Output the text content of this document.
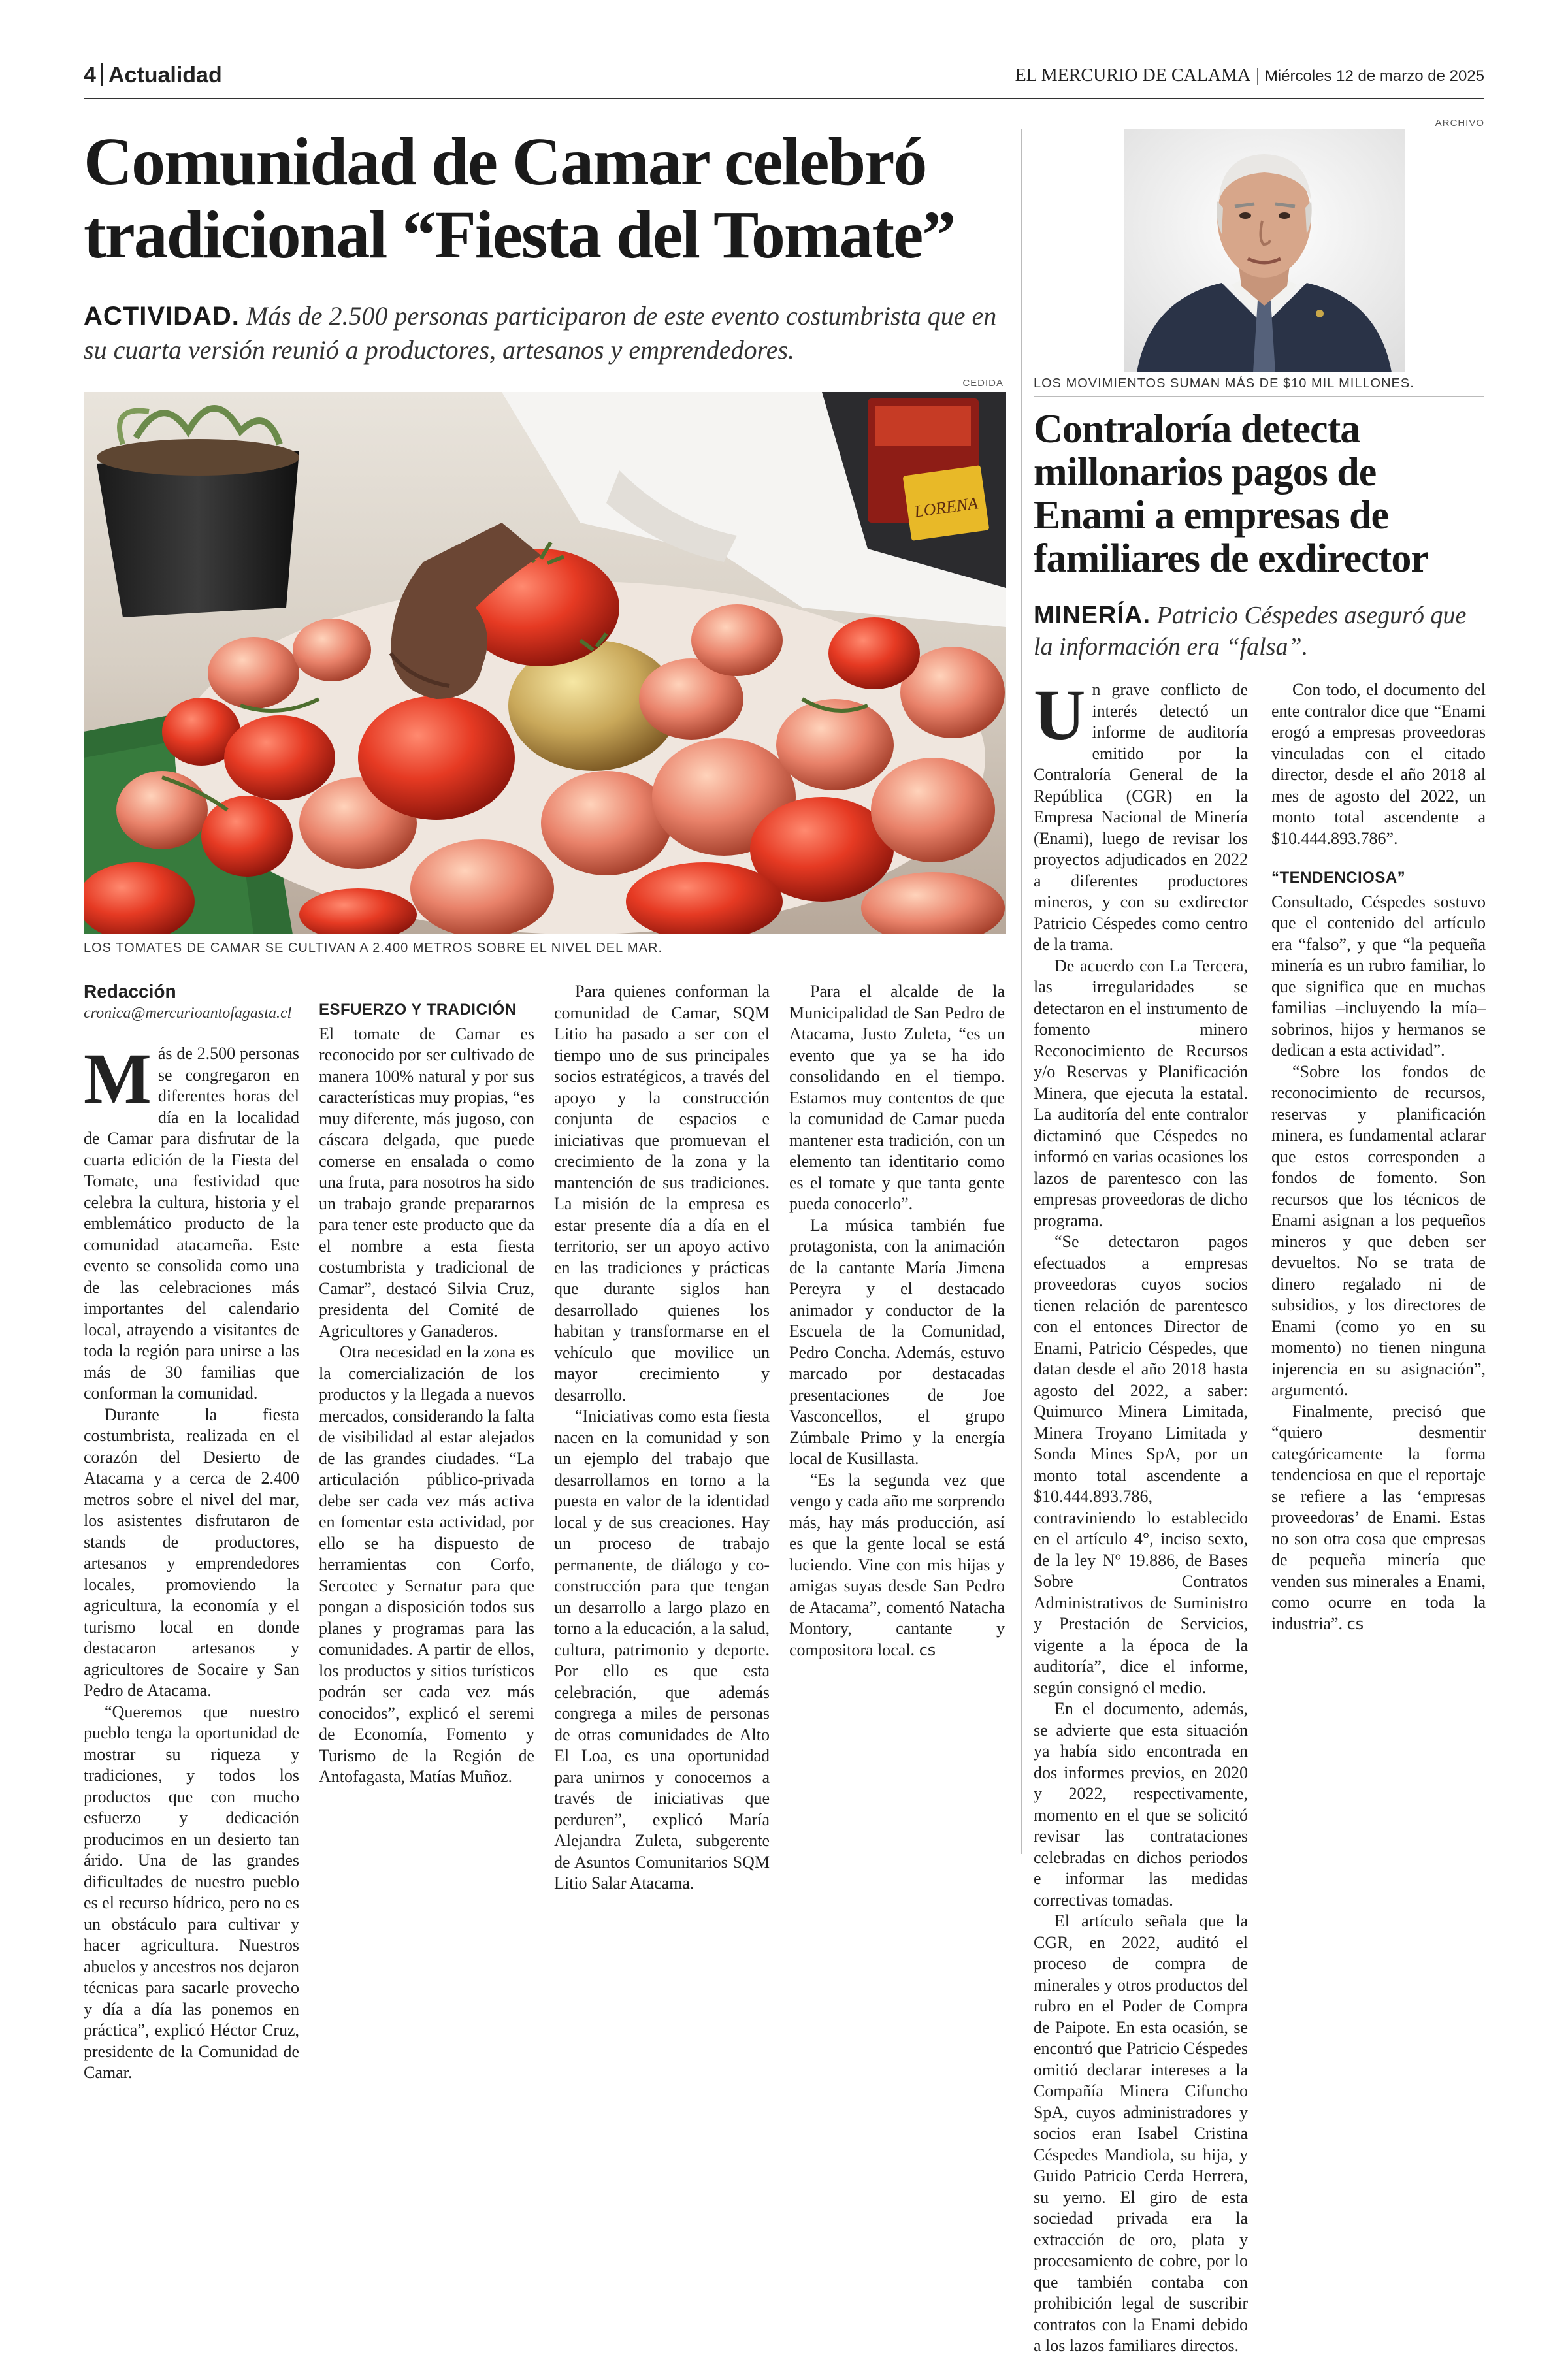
4 Actualidad	EL MERCURIO DE CALAMA | Miércoles 12 de marzo de 2025
Comunidad de Camar celebró tradicional “Fiesta del Tomate”
ACTIVIDAD. Más de 2.500 personas participaron de este evento costumbrista que en su cuarta versión reunió a productores, artesanos y emprendedores.
CEDIDA
LORENA
LOS TOMATES DE CAMAR SE CULTIVAN A 2.400 METROS SOBRE EL NIVEL DEL MAR.
Redacción
cronica@mercurioantofagasta.cl

Más de 2.500 personas se congregaron en diferentes horas del día en la localidad de Camar para disfrutar de la cuarta edición de la Fiesta del Tomate, una festividad que celebra la cultura, historia y el emblemático producto de la comunidad atacameña. Este evento se consolida como una de las celebraciones más importantes del calendario local, atrayendo a visitantes de toda la región para unirse a las más de 30 familias que conforman la comunidad.

Durante la fiesta costumbrista, realizada en el corazón del Desierto de Atacama y a cerca de 2.400 metros sobre el nivel del mar, los asistentes disfrutaron de stands de productores, artesanos y emprendedores locales, promoviendo la agricultura, la economía y el turismo local en donde destacaron artesanos y agricultores de Socaire y San Pedro de Atacama.

“Queremos que nuestro pueblo tenga la oportunidad de mostrar su riqueza y tradiciones, y todos los productos que con mucho esfuerzo y dedicación producimos en un desierto tan árido. Una de las grandes dificultades de nuestro pueblo es el recurso hídrico, pero no es un obstáculo para cultivar y hacer agricultura. Nuestros abuelos y ancestros nos dejaron técnicas para sacarle provecho y día a día las ponemos en práctica”, explicó Héctor Cruz, presidente de la Comunidad de Camar.

ESFUERZO Y TRADICIÓN

El tomate de Camar es reconocido por ser cultivado de manera 100% natural y por sus características muy propias, “es muy diferente, más jugoso, con cáscara delgada, que puede comerse en ensalada o como una fruta, para nosotros ha sido un trabajo grande prepararnos para tener este producto que da el nombre a esta fiesta costumbrista y tradicional de Camar”, destacó Silvia Cruz, presidenta del Comité de Agricultores y Ganaderos.

Otra necesidad en la zona es la comercialización de los productos y la llegada a nuevos mercados, considerando la falta de visibilidad al estar alejados de las grandes ciudades. “La articulación público-privada debe ser cada vez más activa en fomentar esta actividad, por ello se ha dispuesto de herramientas con Corfo, Sercotec y Sernatur para que pongan a disposición todos sus planes y programas para las comunidades. A partir de ellos, los productos y sitios turísticos podrán ser cada vez más conocidos”, explicó el seremi de Economía, Fomento y Turismo de la Región de Antofagasta, Matías Muñoz.

Para quienes conforman la comunidad de Camar, SQM Litio ha pasado a ser con el tiempo uno de sus principales socios estratégicos, a través del apoyo y la construcción conjunta de espacios e iniciativas que promuevan el crecimiento de la zona y la mantención de sus tradiciones. La misión de la empresa es estar presente día a día en el territorio, ser un apoyo activo en las tradiciones y prácticas que durante siglos han desarrollado quienes los habitan y transformarse en el vehículo que movilice un mayor crecimiento y desarrollo.

“Iniciativas como esta fiesta nacen en la comunidad y son un ejemplo del trabajo que desarrollamos en torno a la puesta en valor de la identidad local y de sus creaciones. Hay un proceso de trabajo permanente, de diálogo y co-construcción para que tengan un desarrollo a largo plazo en torno a la educación, a la salud, cultura, patrimonio y deporte. Por ello es que esta celebración, que además congrega a miles de personas de otras comunidades de Alto El Loa, es una oportunidad para unirnos y conocernos a través de iniciativas que perduren”, explicó María Alejandra Zuleta, subgerente de Asuntos Comunitarios SQM Litio Salar Atacama.

Para el alcalde de la Municipalidad de San Pedro de Atacama, Justo Zuleta, “es un evento que ya se ha ido consolidando en el tiempo. Estamos muy contentos de que la comunidad de Camar pueda mantener esta tradición, con un elemento tan identitario como es el tomate y que tanta gente pueda conocerlo”.

La música también fue protagonista, con la animación de la cantante María Jimena Pereyra y el destacado animador y conductor de la Escuela de la Comunidad, Pedro Concha. Además, estuvo marcado por destacadas presentaciones de Joe Vasconcellos, el grupo Zúmbale Primo y la energía local de Kusillasta.

“Es la segunda vez que vengo y cada año me sorprendo más, hay más producción, así es que la gente local se está luciendo. Vine con mis hijas y amigas suyas desde San Pedro de Atacama”, comentó Natacha Montory, cantante y compositora local. cs

ARCHIVO
LOS MOVIMIENTOS SUMAN MÁS DE $10 MIL MILLONES.
Contraloría detecta millonarios pagos de Enami a empresas de familiares de exdirector
MINERÍA. Patricio Céspedes aseguró que la información era “falsa”.

Un grave conflicto de interés detectó un informe de auditoría emitido por la Contraloría General de la República (CGR) en la Empresa Nacional de Minería (Enami), luego de revisar los proyectos adjudicados en 2022 a diferentes productores mineros, y con su exdirector Patricio Céspedes como centro de la trama.

De acuerdo con La Tercera, las irregularidades se detectaron en el instrumento de fomento minero Reconocimiento de Recursos y/o Reservas y Planificación Minera, que ejecuta la estatal. La auditoría del ente contralor dictaminó que Céspedes no informó en varias ocasiones los lazos de parentesco con las empresas proveedoras de dicho programa.

“Se detectaron pagos efectuados a empresas proveedoras cuyos socios tienen relación de parentesco con el entonces Director de Enami, Patricio Céspedes, que datan desde el año 2018 hasta agosto del 2022, a saber: Quimurco Minera Limitada, Minera Troyano Limitada y Sonda Mines SpA, por un monto total ascendente a $10.444.893.786, contraviniendo lo establecido en el artículo 4°, inciso sexto, de la ley N° 19.886, de Bases Sobre Contratos Administrativos de Suministro y Prestación de Servicios, vigente a la época de la auditoría”, dice el informe, según consignó el medio.

En el documento, además, se advierte que esta situación ya había sido encontrada en dos informes previos, en 2020 y 2022, respectivamente, momento en el que se solicitó revisar las contrataciones celebradas en dichos periodos e informar las medidas correctivas tomadas.

El artículo señala que la CGR, en 2022, auditó el proceso de compra de minerales y otros productos del rubro en el Poder de Compra de Paipote. En esta ocasión, se encontró que Patricio Céspedes omitió declarar intereses a la Compañía Minera Cifuncho SpA, cuyos administradores y socios eran Isabel Cristina Céspedes Mandiola, su hija, y Guido Patricio Cerda Herrera, su yerno. El giro de esta sociedad privada era la extracción de oro, plata y procesamiento de cobre, por lo que también contaba con prohibición legal de suscribir contratos con la Enami debido a los lazos familiares directos.

Con todo, el documento del ente contralor dice que “Enami erogó a empresas proveedoras vinculadas con el citado director, desde el año 2018 al mes de agosto del 2022, un monto total ascendente a $10.444.893.786”.

“TENDENCIOSA”

Consultado, Céspedes sostuvo que el contenido del artículo era “falso”, y que “la pequeña minería es un rubro familiar, lo que significa que en muchas familias –incluyendo la mía– sobrinos, hijos y hermanos se dedican a esta actividad”.

“Sobre los fondos de reconocimiento de recursos, reservas y planificación minera, es fundamental aclarar que estos corresponden a fondos de fomento. Son recursos que los técnicos de Enami asignan a los pequeños mineros y que deben ser devueltos. No se trata de dinero regalado ni de subsidios, y los directores de Enami (como yo en su momento) no tienen ninguna injerencia en su asignación”, argumentó.

Finalmente, precisó que “quiero desmentir categóricamente la forma tendenciosa en que el reportaje se refiere a las ‘empresas proveedoras’ de Enami. Estas no son otra cosa que empresas de pequeña minería que venden sus minerales a Enami, como ocurre en toda la industria”. cs
